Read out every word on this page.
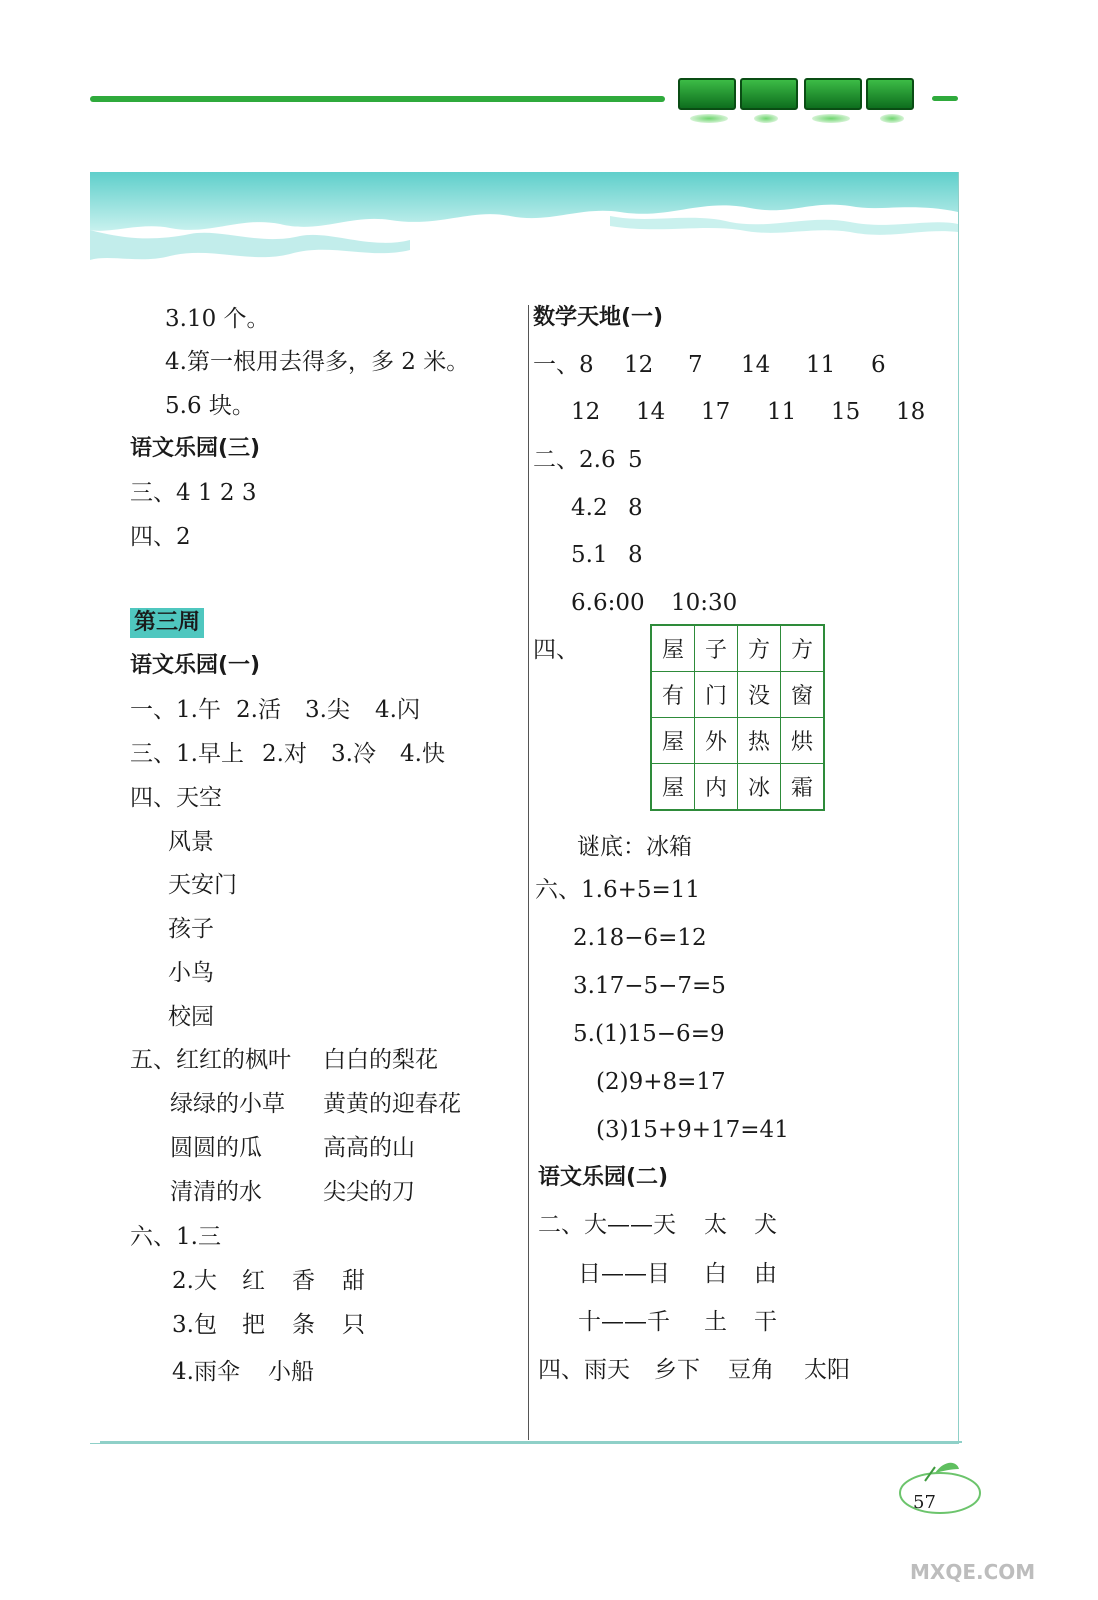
3.10 个。
4.第一根用去得多，多 2 米。
5.6 块。
语文乐园(三)
三、4 1 2 3
四、2
第三周
语文乐园(一)
一、1.午 2.活 3.尖 4.闪
三、1.早上 2.对 3.冷 4.快
四、天空
风景
天安门
孩子
小鸟
校园
五、红红的枫叶 白白的梨花
绿绿的小草 黄黄的迎春花
圆圆的瓜	高高的山
清清的水	尖尖的刀
六、1.三
2.大 红 香 甜
3.包 把 条 只
4.雨伞 小船
数学天地(一)
一、8 12 7 14 11 6
12 14 17 11 15 18
二、2.6 5
4.2 8
5.1 8
6.6:00 10:30
四、	屋	子	方	方
有	门	没	窗
屋	外	热	烘
屋	内	冰	霜
谜底：冰箱
六、1.6+5=11
2.18−6=12
3.17−5−7=5
5.(1)15−6=9
(2)9+8=17
(3)15+9+17=41
语文乐园(二)
二、大——天 太 犬
日——目 白 由
十——千 土 干
四、雨天 乡下 豆角 太阳
57
MXQE.COM
